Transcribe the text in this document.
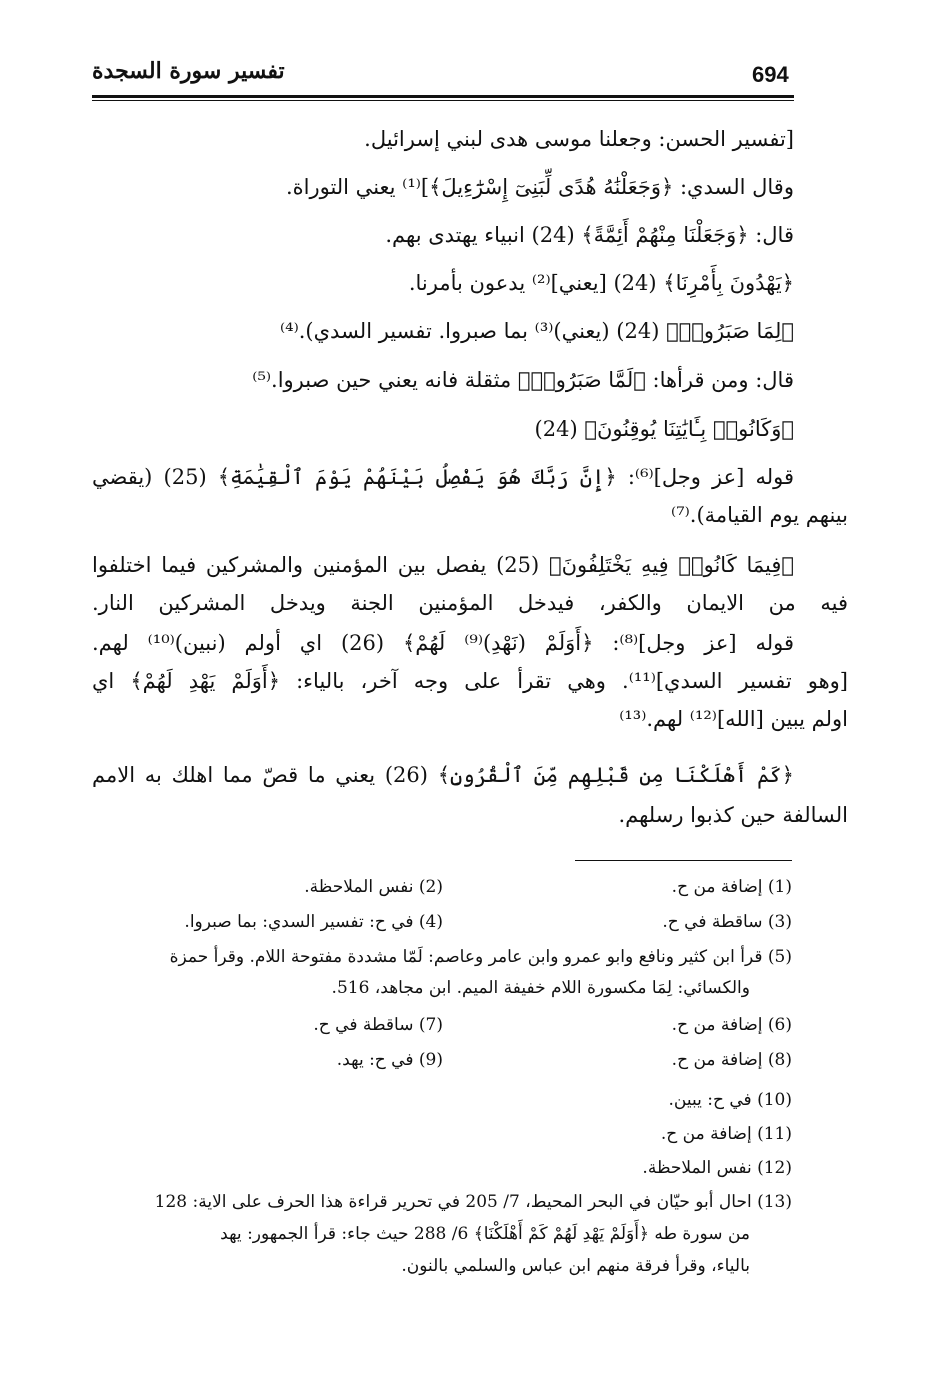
تفسير سورة السجدة	694
[تفسير الحسن: وجعلنا موسى هدى لبني إسرائيل.
وقال السدي: ﴿وَجَعَلْنَٰهُ هُدًى لِّبَنِىٓ إِسْرَٰٓءِيلَ﴾]⁽¹⁾ يعني التوراة.
قال: ﴿وَجَعَلْنَا مِنْهُمْ أَئِمَّةً﴾ (24) انبياء يهتدى بهم.
﴿يَهْدُونَ بِأَمْرِنَا﴾ (24) [يعني]⁽²⁾ يدعون بأمرنا.
﴿لِمَا صَبَرُوا۟﴾ (24) (يعني)⁽³⁾ بما صبروا. تفسير السدي).⁽⁴⁾
قال: ومن قرأها: ﴿لَمَّا صَبَرُوا۟﴾ مثقلة فانه يعني حين صبروا.⁽⁵⁾
﴿وَكَانُوا۟ بِـَٔايَٰتِنَا يُوقِنُونَ﴾ (24)
قوله [عز وجل]⁽⁶⁾: ﴿إِنَّ رَبَّكَ هُوَ يَفْصِلُ بَيْنَهُمْ يَوْمَ ٱلْقِيَٰمَةِ﴾ (25) (يقضي
بينهم يوم القيامة).⁽⁷⁾
﴿فِيمَا كَانُوا۟ فِيهِ يَخْتَلِفُونَ﴾ (25) يفصل بين المؤمنين والمشركين فيما اختلفوا
فيه من الايمان والكفر، فيدخل المؤمنين الجنة ويدخل المشركين النار.
قوله [عز وجل]⁽⁸⁾: ﴿أَوَلَمْ (نَهْدِ)⁽⁹⁾ لَهُمْ﴾ (26) اي أولم (نبين)⁽¹⁰⁾ لهم.
[وهو تفسير السدي]⁽¹¹⁾. وهي تقرأ على وجه آخر، بالياء: ﴿أَوَلَمْ يَهْدِ لَهُمْ﴾ اي
اولم يبين [الله]⁽¹²⁾ لهم.⁽¹³⁾
﴿كَمْ أَهْلَكْنَا مِن قَبْلِهِم مِّنَ ٱلْقُرُونِ﴾ (26) يعني ما قصّ مما اهلك به الامم
السالفة حين كذبوا رسلهم.
(1) إضافة من ح.
(2) نفس الملاحظة.
(3) ساقطة في ح.
(4) في ح: تفسير السدي: بما صبروا.
(5) قرأ ابن كثير ونافع وابو عمرو وابن عامر وعاصم: لَمّا مشددة مفتوحة اللام. وقرأ حمزة
والكسائي: لِمَا مكسورة اللام خفيفة الميم. ابن مجاهد، 516.
(6) إضافة من ح.
(7) ساقطة في ح.
(8) إضافة من ح.
(9) في ح: يهد.
(10) في ح: يبين.
(11) إضافة من ح.
(12) نفس الملاحظة.
(13) احال أبو حيّان في البحر المحيط، 7/ 205 في تحرير قراءة هذا الحرف على الاية: 128
من سورة طه ﴿أَوَلَمْ يَهْدِ لَهُمْ كَمْ أَهْلَكْنَا﴾ 6/ 288 حيث جاء: قرأ الجمهور: يهد
بالياء، وقرأ فرقة منهم ابن عباس والسلمي بالنون.
